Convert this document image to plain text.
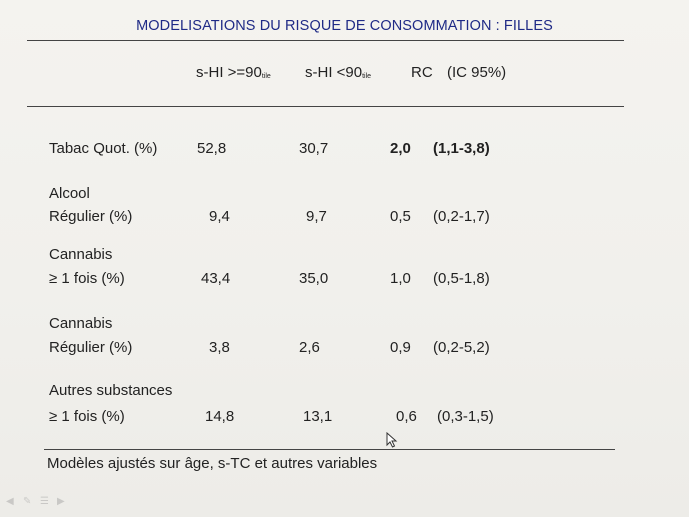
MODELISATIONS DU RISQUE DE CONSOMMATION : FILLES
$s-HI >=90_{tile}$ $s-HI <90_{tile}$	RC (IC 95%)
Tabac Quot. (%)	52,8	30,7	2,0 (1,1-3,8)
Alcool
Régulier (%)	9,4	9,7	0,5 (0,2-1,7)
Cannabis
≥ 1 fois (%)	43,4	35,0	1,0 (0,5-1,8)
Cannabis
Régulier (%)	3,8	2,6	0,9 (0,2-5,2)
Autres substances
≥ 1 fois (%)	14,8	13,1	0,6 (0,3-1,5)
Modèles ajustés sur âge, s-TC et autres variables
◀ ✎ ☰ ▶
